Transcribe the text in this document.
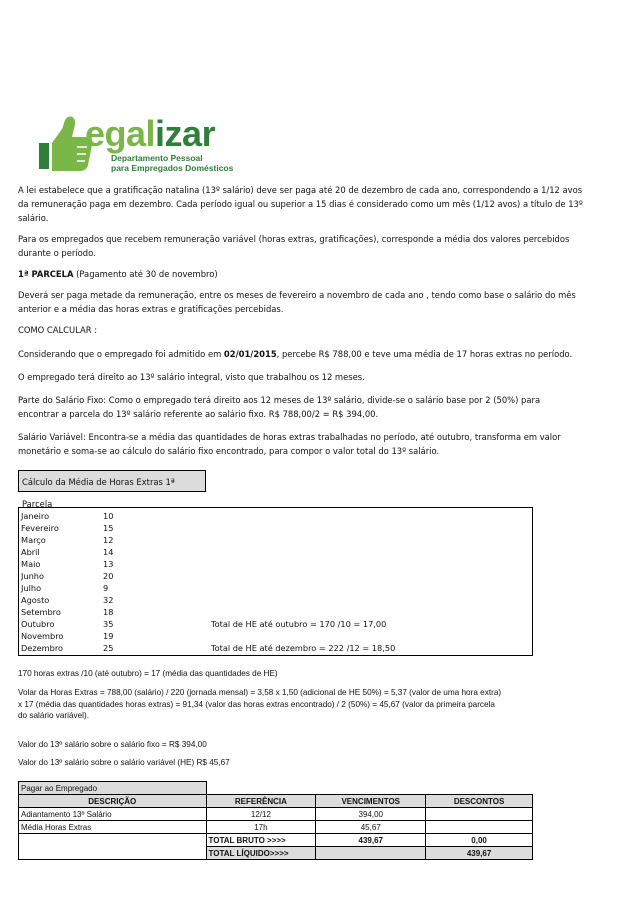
egalizar
Departamento Pessoal
para Empregados Domésticos
A lei estabelece que a gratificação natalina (13º salário) deve ser paga até 20 de dezembro de cada ano, correspondendo a 1/12 avos
da remuneração paga em dezembro. Cada período igual ou superior a 15 dias é considerado como um mês (1/12 avos) a título de 13º
salário.
Para os empregados que recebem remuneração variável (horas extras, gratificações), corresponde a média dos valores percebidos
durante o período.
1ª PARCELA (Pagamento até 30 de novembro)
Deverá ser paga metade da remuneração, entre os meses de fevereiro a novembro de cada ano , tendo como base o salário do mês
anterior e a média das horas extras e gratificações percebidas.
COMO CALCULAR :
Considerando que o empregado foi admitido em 02/01/2015, percebe R$ 788,00 e teve uma média de 17 horas extras no período.
O empregado terá direito ao 13º salário integral, visto que trabalhou os 12 meses.
Parte do Salário Fixo: Como o empregado terá direito aos 12 meses de 13º salário, divide-se o salário base por 2 (50%) para
encontrar a parcela do 13º salário referente ao salário fixo. R$ 788,00/2 = R$ 394,00.
Salário Variável: Encontra-se a média das quantidades de horas extras trabalhadas no período, até outubro, transforma em valor
monetário e soma-se ao cálculo do salário fixo encontrado, para compor o valor total do 13º salário.
Cálculo da Média de Horas Extras 1ª Parcela
Janeiro	10
Fevereiro	15
Março	12
Abril	14
Maio	13
Junho	20
Julho	9
Agosto	32
Setembro	18
Outubro	35	Total de HE até outubro = 170 /10 = 17,00
Novembro	19
Dezembro	25	Total de HE até dezembro = 222 /12 = 18,50
170 horas extras /10 (até outubro) = 17 (média das quantidades de HE)
Volar da Horas Extras = 788,00 (salário) / 220 (jornada mensal) = 3,58 x 1,50 (adicional de HE 50%) = 5,37 (valor de uma hora extra)
x 17 (média das quantidades horas extras) = 91,34 (valor das horas extras encontrado) / 2 (50%) = 45,67 (valor da primeira parcela
do salário variável).
Valor do 13º salário sobre o salário fixo = R$ 394,00
Valor do 13º salário sobre o salário variável (HE) R$ 45,67
Pagar ao Empregado			
DESCRIÇÃO	REFERÊNCIA	VENCIMENTOS	DESCONTOS
Adiantamento 13º Salário	12/12	394,00	
Média Horas Extras	17h	45,67	
	TOTAL BRUTO >>>>	439,67	0,00
	TOTAL LÍQUIDO>>>>		439,67
